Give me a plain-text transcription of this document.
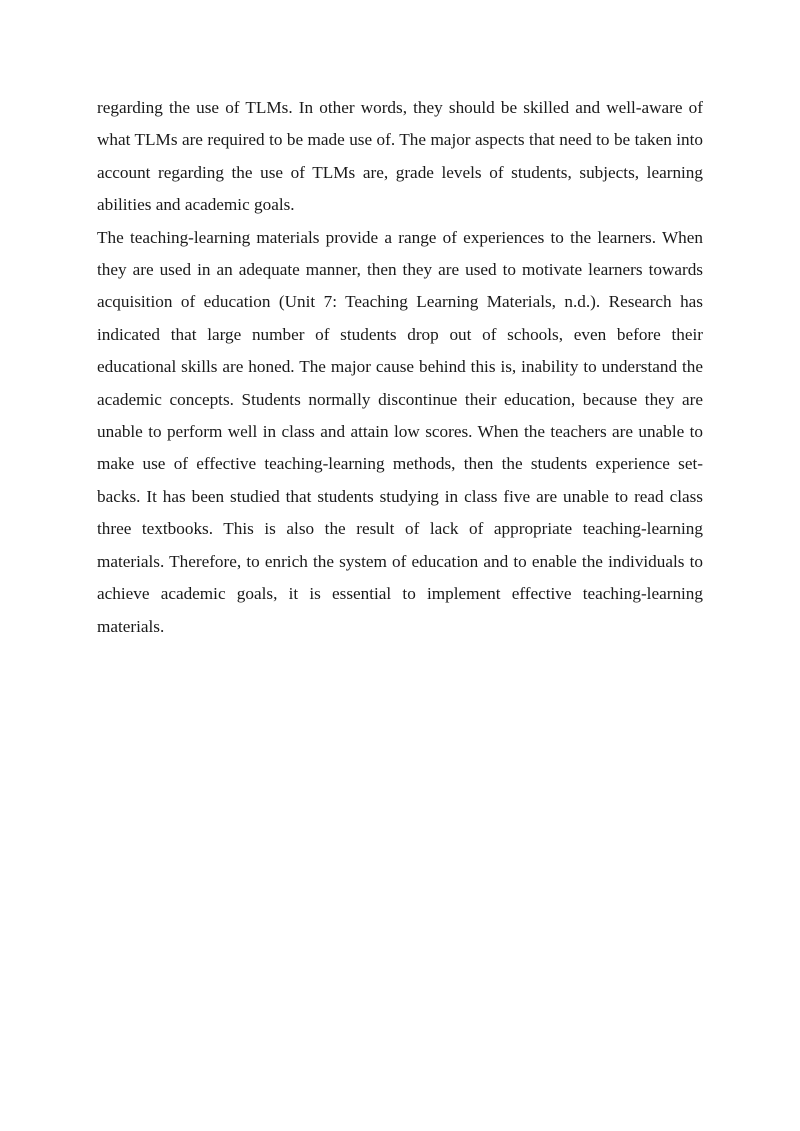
regarding the use of TLMs. In other words, they should be skilled and well-aware of what TLMs are required to be made use of. The major aspects that need to be taken into account regarding the use of TLMs are, grade levels of students, subjects, learning abilities and academic goals.

The teaching-learning materials provide a range of experiences to the learners. When they are used in an adequate manner, then they are used to motivate learners towards acquisition of education (Unit 7: Teaching Learning Materials, n.d.). Research has indicated that large number of students drop out of schools, even before their educational skills are honed. The major cause behind this is, inability to understand the academic concepts. Students normally discontinue their education, because they are unable to perform well in class and attain low scores. When the teachers are unable to make use of effective teaching-learning methods, then the students experience set-backs. It has been studied that students studying in class five are unable to read class three textbooks. This is also the result of lack of appropriate teaching-learning materials. Therefore, to enrich the system of education and to enable the individuals to achieve academic goals, it is essential to implement effective teaching-learning materials.
